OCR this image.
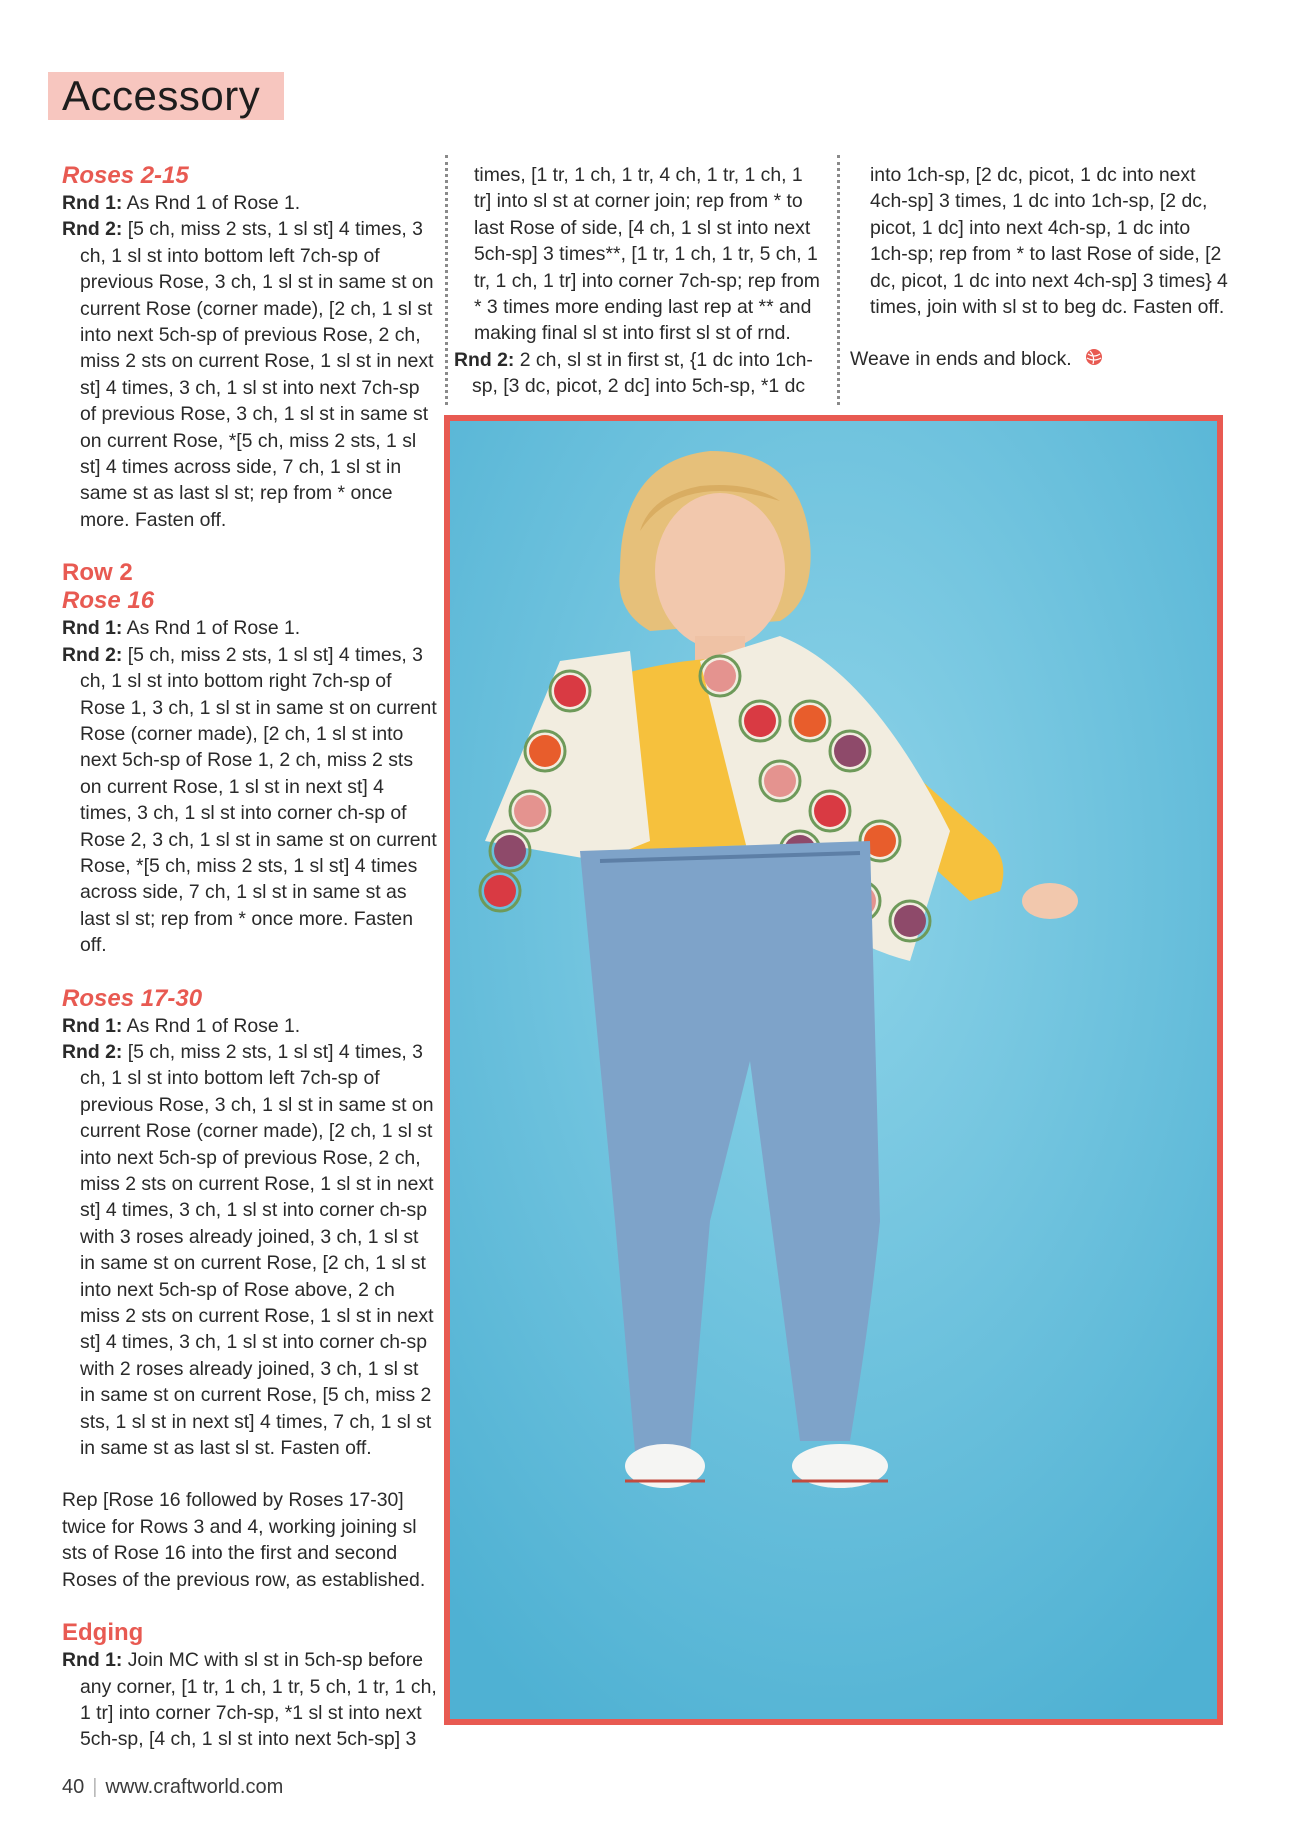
Accessory
Roses 2-15

Rnd 1: As Rnd 1 of Rose 1.

Rnd 2: [5 ch, miss 2 sts, 1 sl st] 4 times, 3 ch, 1 sl st into bottom left 7ch-sp of previous Rose, 3 ch, 1 sl st in same st on current Rose (corner made), [2 ch, 1 sl st into next 5ch-sp of previous Rose, 2 ch, miss 2 sts on current Rose, 1 sl st in next st] 4 times, 3 ch, 1 sl st into next 7ch-sp of previous Rose, 3 ch, 1 sl st in same st on current Rose, *[5 ch, miss 2 sts, 1 sl st] 4 times across side, 7 ch, 1 sl st in same st as last sl st; rep from * once more. Fasten off.

Row 2
Rose 16

Rnd 1: As Rnd 1 of Rose 1.

Rnd 2: [5 ch, miss 2 sts, 1 sl st] 4 times, 3 ch, 1 sl st into bottom right 7ch-sp of Rose 1, 3 ch, 1 sl st in same st on current Rose (corner made), [2 ch, 1 sl st into next 5ch-sp of Rose 1, 2 ch, miss 2 sts on current Rose, 1 sl st in next st] 4 times, 3 ch, 1 sl st into corner ch-sp of Rose 2, 3 ch, 1 sl st in same st on current Rose, *[5 ch, miss 2 sts, 1 sl st] 4 times across side, 7 ch, 1 sl st in same st as last sl st; rep from * once more. Fasten off.

Roses 17-30

Rnd 1: As Rnd 1 of Rose 1.

Rnd 2: [5 ch, miss 2 sts, 1 sl st] 4 times, 3 ch, 1 sl st into bottom left 7ch-sp of previous Rose, 3 ch, 1 sl st in same st on current Rose (corner made), [2 ch, 1 sl st into next 5ch-sp of previous Rose, 2 ch, miss 2 sts on current Rose, 1 sl st in next st] 4 times, 3 ch, 1 sl st into corner ch-sp with 3 roses already joined, 3 ch, 1 sl st in same st on current Rose, [2 ch, 1 sl st into next 5ch-sp of Rose above, 2 ch miss 2 sts on current Rose, 1 sl st in next st] 4 times, 3 ch, 1 sl st into corner ch-sp with 2 roses already joined, 3 ch, 1 sl st in same st on current Rose, [5 ch, miss 2 sts, 1 sl st in next st] 4 times, 7 ch, 1 sl st in same st as last sl st. Fasten off.

Rep [Rose 16 followed by Roses 17-30] twice for Rows 3 and 4, working joining sl sts of Rose 16 into the first and second Roses of the previous row, as established.

Edging

Rnd 1: Join MC with sl st in 5ch-sp before any corner, [1 tr, 1 ch, 1 tr, 5 ch, 1 tr, 1 ch, 1 tr] into corner 7ch-sp, *1 sl st into next 5ch-sp, [4 ch, 1 sl st into next 5ch-sp] 3

times, [1 tr, 1 ch, 1 tr, 4 ch, 1 tr, 1 ch, 1 tr] into sl st at corner join; rep from * to last Rose of side, [4 ch, 1 sl st into next 5ch-sp] 3 times**, [1 tr, 1 ch, 1 tr, 5 ch, 1 tr, 1 ch, 1 tr] into corner 7ch-sp; rep from * 3 times more ending last rep at ** and making final sl st into first sl st of rnd.

Rnd 2: 2 ch, sl st in first st, {1 dc into 1ch-sp, [3 dc, picot, 2 dc] into 5ch-sp, *1 dc

into 1ch-sp, [2 dc, picot, 1 dc into next 4ch-sp] 3 times, 1 dc into 1ch-sp, [2 dc, picot, 1 dc] into next 4ch-sp, 1 dc into 1ch-sp; rep from * to last Rose of side, [2 dc, picot, 1 dc into next 4ch-sp] 3 times} 4 times, join with sl st to beg dc. Fasten off.

Weave in ends and block.

40 | www.craftworld.com
